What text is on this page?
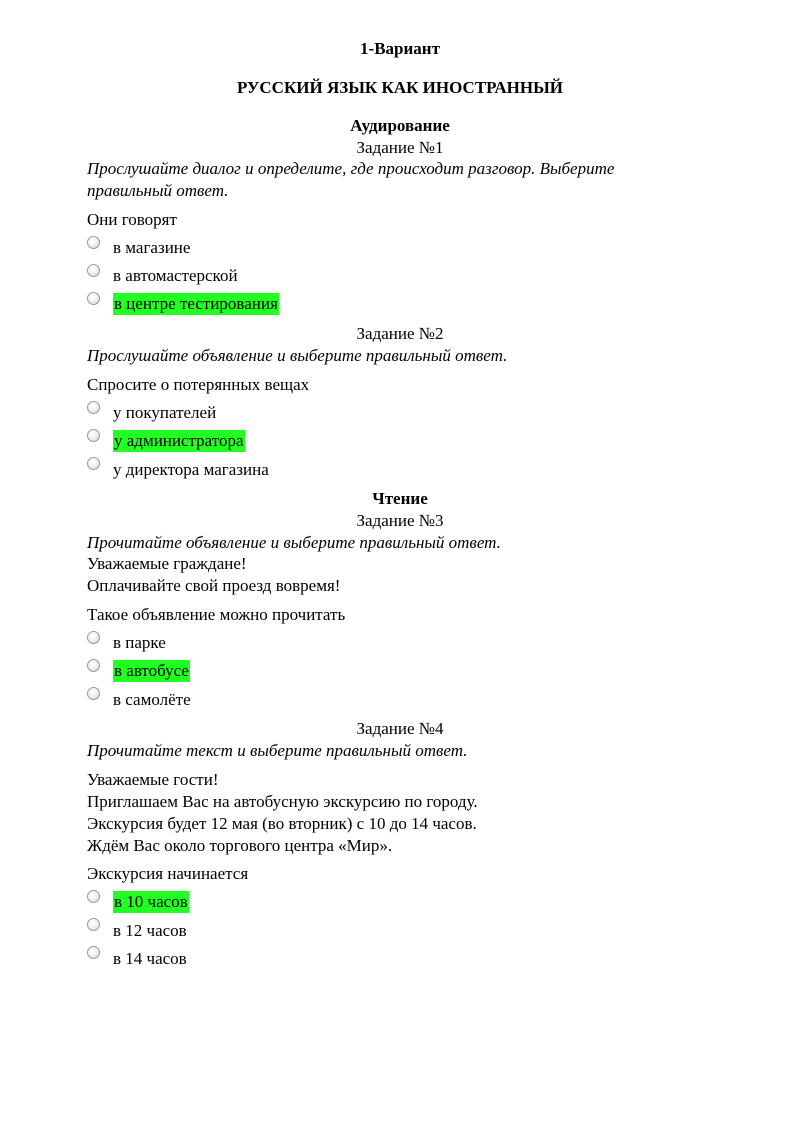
1-Вариант
РУССКИЙ ЯЗЫК КАК ИНОСТРАННЫЙ
Аудирование
Задание №1
Прослушайте диалог и определите, где происходит разговор. Выберите
правильный ответ.
Они говорят
в магазине
в автомастерской
в центре тестирования
Задание №2
Прослушайте объявление и выберите правильный ответ.
Спросите о потерянных вещах
у покупателей
у администратора
у директора магазина
Чтение
Задание №3
Прочитайте объявление и выберите правильный ответ.
Уважаемые граждане!
Оплачивайте свой проезд вовремя!
Такое объявление можно прочитать
в парке
в автобусе
в самолёте
Задание №4
Прочитайте текст и выберите правильный ответ.
Уважаемые гости!
Приглашаем Вас на автобусную экскурсию по городу.
Экскурсия будет 12 мая (во вторник) с 10 до 14 часов.
Ждём Вас около торгового центра «Мир».
Экскурсия начинается
в 10 часов
в 12 часов
в 14 часов
